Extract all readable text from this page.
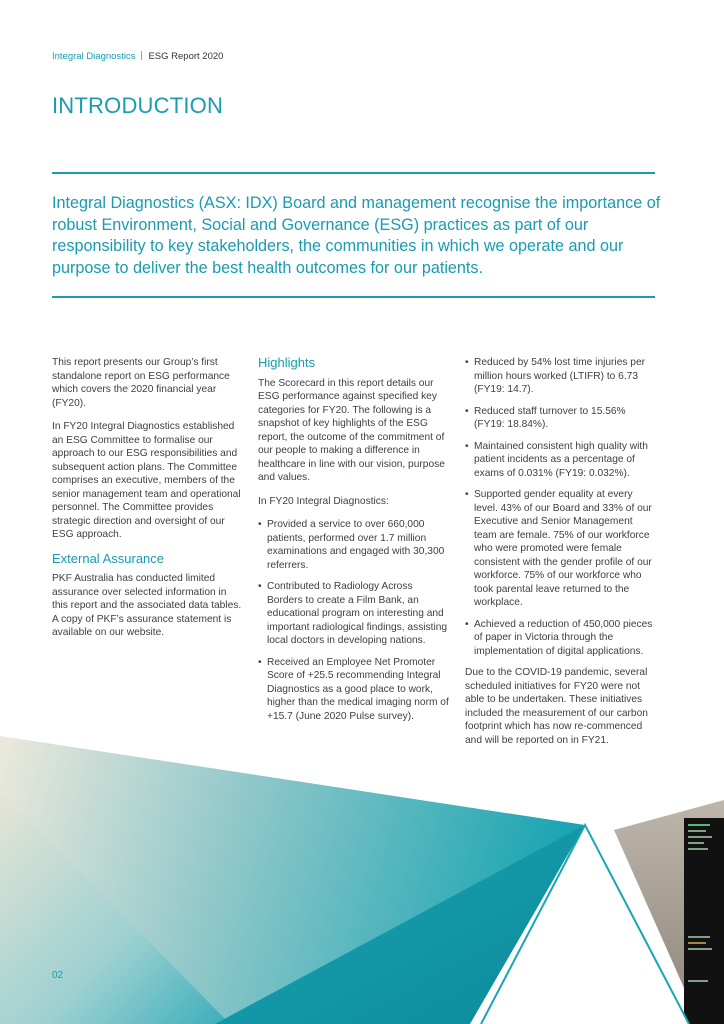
Integral Diagnostics ESG Report 2020
INTRODUCTION

Integral Diagnostics (ASX: IDX) Board and management recognise the importance of robust Environment, Social and Governance (ESG) practices as part of our responsibility to key stakeholders, the communities in which we operate and our purpose to deliver the best health outcomes for our patients.

This report presents our Group’s first standalone report on ESG performance which covers the 2020 financial year (FY20).

In FY20 Integral Diagnostics established an ESG Committee to formalise our approach to our ESG responsibilities and subsequent action plans. The Committee comprises an executive, members of the senior management team and operational personnel. The Committee provides strategic direction and oversight of our ESG approach.

External Assurance

PKF Australia has conducted limited assurance over selected information in this report and the associated data tables. A copy of PKF’s assurance statement is available on our website.

Highlights

The Scorecard in this report details our ESG performance against specified key categories for FY20. The following is a snapshot of key highlights of the ESG report, the outcome of the commitment of our people to making a difference in healthcare in line with our vision, purpose and values.

In FY20 Integral Diagnostics:

• Provided a service to over 660,000 patients, performed over 1.7 million examinations and engaged with 30,300 referrers.
• Contributed to Radiology Across Borders to create a Film Bank, an educational program on interesting and important radiological findings, assisting local doctors in developing nations.
• Received an Employee Net Promoter Score of +25.5 recommending Integral Diagnostics as a good place to work, higher than the medical imaging norm of +15.7 (June 2020 Pulse survey).
• Reduced by 54% lost time injuries per million hours worked (LTIFR) to 6.73 (FY19: 14.7).
• Reduced staff turnover to 15.56% (FY19: 18.84%).
• Maintained consistent high quality with patient incidents as a percentage of exams of 0.031% (FY19: 0.032%).
• Supported gender equality at every level. 43% of our Board and 33% of our Executive and Senior Management team are female. 75% of our workforce who were promoted were female consistent with the gender profile of our workforce. 75% of our workforce who took parental leave returned to the workplace.
• Achieved a reduction of 450,000 pieces of paper in Victoria through the implementation of digital applications.

Due to the COVID-19 pandemic, several scheduled initiatives for FY20 were not able to be undertaken. These initiatives included the measurement of our carbon footprint which has now re-commenced and will be reported on in FY21.

02
